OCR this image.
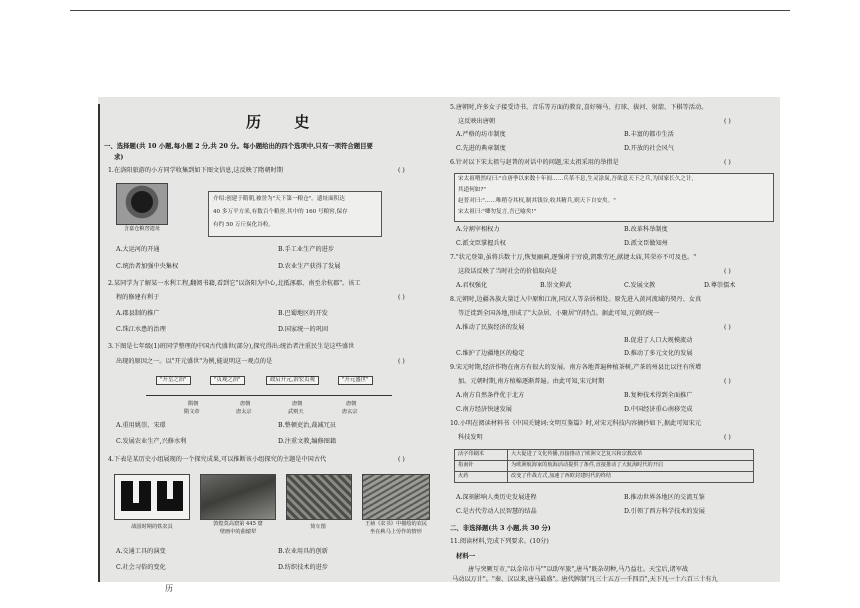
历 史
一、选择题(共 10 小题,每小题 2 分,共 20 分。每小题给出的四个选项中,只有一项符合题目要
求)
1.在洛阳旅游的小方同学收集到如下图文信息,这反映了隋朝时期	( )
含嘉仓粮窖遗址
介绍:创建于隋朝,被誉为"天下第一粮仓"。遗址面积达
40 多万平方米,有数百个粮窖,其中的 160 号粮窖,保存
有约 50 万斤炭化谷粒。
A.大运河的开通	B.手工业生产的进步
C.统治者加强中央集权	D.农业生产获得了发展
2.某同学为了解某一水利工程,翻阅书籍,看到它"以洛阳为中心,北抵涿郡、南至余杭郡"。该工
程的修建有利于	( )
A.郡县制的推广	B.巴蜀地区的开发
C.珠江水患的治理	D.国家统一的巩固
3.下图是七年级(1)班同学整理的中国古代盛世(部分),探究得出:统治者注重民生是这些盛世
出现的原因之一。以"开元盛世"为例,能说明这一观点的是	( )
"开皇之治"	"贞观之治"	政启开元,治宏贞观	"开元盛世"
隋朝
隋文帝
唐朝
唐太宗
唐朝
武则天
唐朝
唐玄宗
A.重用姚崇、宋璟	B.整顿吏治,裁减冗员
C.发展农业生产,兴修水利	D.注重文教,编修图籍
4.下表是某历史小组展现的一个探究成果,可以推断该小组探究的主题是中国古代	( )
战国时期的铁农具	敦煌莫高窟第 445 窟
壁画中的曲辕犁
筒车图	王祯《农书》中描绘的农民
坐在秧马上劳作的情形
A.交通工具的演变	B.农业用具的创新
C.社会习俗的变化	D.纺织技术的进步
5.唐朝时,许多女子接受诗书、音乐等方面的教育,喜好骑马、打球、拔河、射箭、下棋等活动。
这反映出唐朝	( )
A.严格的坊市制度	B.丰富的都市生活
C.先进的典章制度	D.开放的社会风气
6.针对以下宋太祖与赵普的对话中的问题,宋太祖采用的举措是	( )
宋太祖喟然叹曰:"自唐季以来数十年间……兵革不息,生灵涂炭,吾欲息天下之兵,为国家长久之计,
其道何如?"
赵普对曰:"……唯稍夺其权,制其钱谷,收其精兵,则天下自安矣。"
宋太祖曰:"卿勿复言,吾已喻矣!"
A.分割宰相权力	B.改革科举制度
C.派文臣掌握兵权	D.派文臣做知州
7."状元登第,虽将兵数十万,恢复幽蓟,逐强虏于穷漠,凯歌劳还,献捷太庙,其荣亦不可及也。"
这段话反映了当时社会的价值取向是	( )
A.君权强化	B.崇文抑武	C.发展文教	D.尊崇儒术
8.元朝时,边疆各族大量迁入中原和江南,同汉人等杂居相处。原先进入黄河流域的契丹、女真
等迁徙到全国各地,形成了"大杂居、小聚居"的特点。据此可知,元朝的统一
( )
A.推动了民族经济的发展
B.促进了人口大规模流动
C.维护了边疆地区的稳定	D.推动了多元文化的发展
9.宋元时期,经济作物在南方有很大的发展。南方各地普遍种植茶树,产茶的州县比以往有所增
加。元朝时期,南方植棉逐渐普遍。由此可知,宋元时期	( )
A.南方自然条件优于北方	B.复种技术得到全面推广
C.南方经济快速发展	D.中国经济重心南移完成
10.小明在阅读材料书《中国关键词:文明互鉴篇》时,对宋元科技内容摘抄如下,据此可知宋元
科技发明	( )
活字印刷术	大大促进了文化传播,直接推动了欧洲文艺复兴和宗教改革
指南针	为欧洲航海家的航海活动提供了条件,直接推动了大航海时代的开启
火药	改变了作战方式,加速了西欧封建时代的终结
A.深刻影响人类历史发展进程	B.推动世界各地区的交流互鉴
C.是古代劳动人民智慧的结晶	D.引领了西方科学技术的发展
二、非选择题(共 3 小题,共 30 分)
11.阅读材料,完成下列要求。(10分)
材料一
唐与突厥互市,"以金帛市马""以助军旅",唐马"既杂胡种,马乃益壮。天宝后,诸军战
马动以万计"。"秦、汉以来,唐马最盛"。唐代牌制"凡三十五万一千四百",天下凡一十六百三十有九
历
